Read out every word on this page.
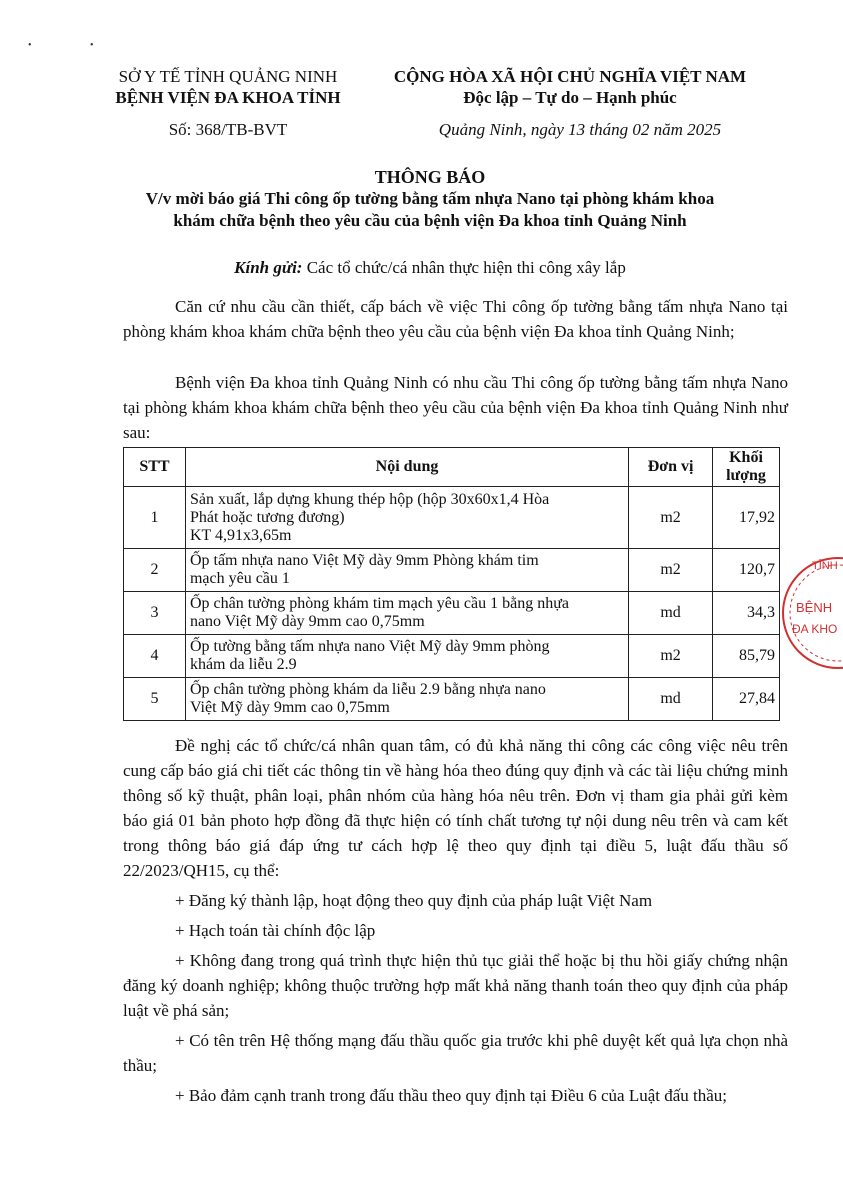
• •
SỞ Y TẾ TỈNH QUẢNG NINH
BỆNH VIỆN ĐA KHOA TỈNH
CỘNG HÒA XÃ HỘI CHỦ NGHĨA VIỆT NAM
Độc lập – Tự do – Hạnh phúc
Số: 368/TB-BVT	Quảng Ninh, ngày 13 tháng 02 năm 2025
THÔNG BÁO
V/v mời báo giá Thi công ốp tường bằng tấm nhựa Nano tại phòng khám khoa
khám chữa bệnh theo yêu cầu của bệnh viện Đa khoa tỉnh Quảng Ninh
Kính gửi: Các tổ chức/cá nhân thực hiện thi công xây lắp

Căn cứ nhu cầu cần thiết, cấp bách về việc Thi công ốp tường bằng tấm nhựa Nano tại phòng khám khoa khám chữa bệnh theo yêu cầu của bệnh viện Đa khoa tỉnh Quảng Ninh;

Bệnh viện Đa khoa tỉnh Quảng Ninh có nhu cầu Thi công ốp tường bằng tấm nhựa Nano tại phòng khám khoa khám chữa bệnh theo yêu cầu của bệnh viện Đa khoa tỉnh Quảng Ninh như sau:

STT	Nội dung	Đơn vị	Khối
lượng
1	Sản xuất, lắp dựng khung thép hộp (hộp 30x60x1,4 Hòa
Phát hoặc tương đương)
KT 4,91x3,65m	m2	17,92
2	Ốp tấm nhựa nano Việt Mỹ dày 9mm Phòng khám tim
mạch yêu cầu 1	m2	120,7
3	Ốp chân tường phòng khám tim mạch yêu cầu 1 bằng nhựa
nano Việt Mỹ dày 9mm cao 0,75mm	md	34,3
4	Ốp tường bằng tấm nhựa nano Việt Mỹ dày 9mm phòng
khám da liễu 2.9	m2	85,79
5	Ốp chân tường phòng khám da liễu 2.9 bằng nhựa nano
Việt Mỹ dày 9mm cao 0,75mm	md	27,84

Đề nghị các tổ chức/cá nhân quan tâm, có đủ khả năng thi công các công việc nêu trên cung cấp báo giá chi tiết các thông tin về hàng hóa theo đúng quy định và các tài liệu chứng minh thông số kỹ thuật, phân loại, phân nhóm của hàng hóa nêu trên. Đơn vị tham gia phải gửi kèm báo giá 01 bản photo hợp đồng đã thực hiện có tính chất tương tự nội dung nêu trên và cam kết trong thông báo giá đáp ứng tư cách hợp lệ theo quy định tại điều 5, luật đấu thầu số 22/2023/QH15, cụ thể:

+ Đăng ký thành lập, hoạt động theo quy định của pháp luật Việt Nam

+ Hạch toán tài chính độc lập

+ Không đang trong quá trình thực hiện thủ tục giải thể hoặc bị thu hồi giấy chứng nhận đăng ký doanh nghiệp; không thuộc trường hợp mất khả năng thanh toán theo quy định của pháp luật về phá sản;

+ Có tên trên Hệ thống mạng đấu thầu quốc gia trước khi phê duyệt kết quả lựa chọn nhà thầu;

+ Bảo đảm cạnh tranh trong đấu thầu theo quy định tại Điều 6 của Luật đấu thầu;

TỈNH
BỆNH
ĐA KHO
